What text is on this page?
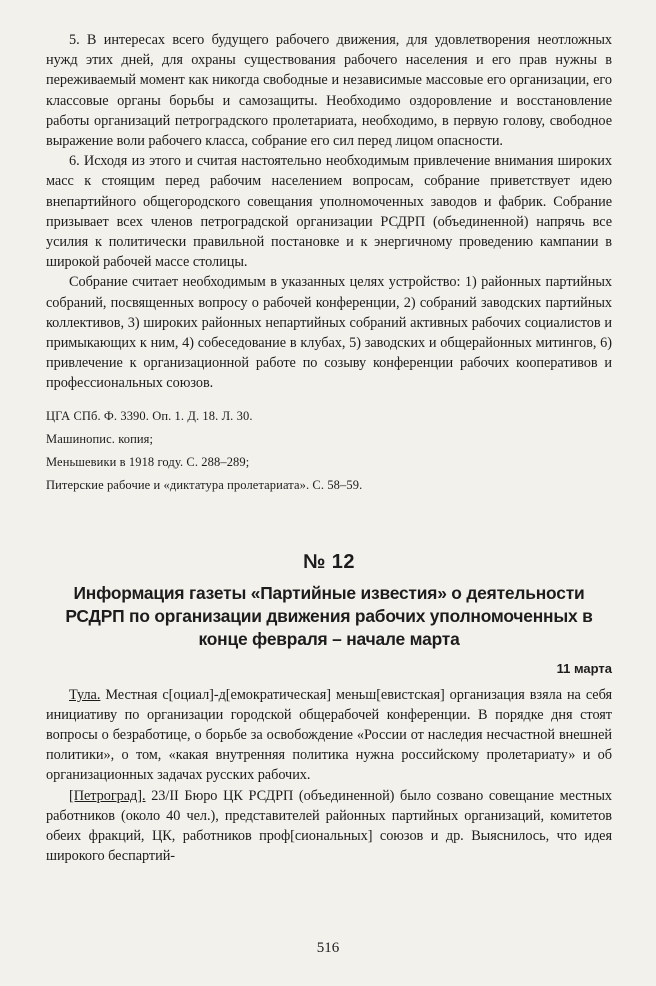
5. В интересах всего будущего рабочего движения, для удовлетворения неотложных нужд этих дней, для охраны существования рабочего населения и его прав нужны в переживаемый момент как никогда свободные и независимые массовые его организации, его классовые органы борьбы и самозащиты. Необходимо оздоровление и восстановление работы организаций петроградского пролетариата, необходимо, в первую голову, свободное выражение воли рабочего класса, собрание его сил перед лицом опасности.

6. Исходя из этого и считая настоятельно необходимым привлечение внимания широких масс к стоящим перед рабочим населением вопросам, собрание приветствует идею внепартийного общегородского совещания уполномоченных заводов и фабрик. Собрание призывает всех членов петроградской организации РСДРП (объединенной) напрячь все усилия к политически правильной постановке и к энергичному проведению кампании в широкой рабочей массе столицы.

Собрание считает необходимым в указанных целях устройство: 1) районных партийных собраний, посвященных вопросу о рабочей конференции, 2) собраний заводских партийных коллективов, 3) широких районных непартийных собраний активных рабочих социалистов и примыкающих к ним, 4) собеседование в клубах, 5) заводских и общерайонных митингов, 6) привлечение к организационной работе по созыву конференции рабочих кооперативов и профессиональных союзов.

ЦГА СПб. Ф. 3390. Оп. 1. Д. 18. Л. 30.

Машинопис. копия;

Меньшевики в 1918 году. С. 288–289;

Питерские рабочие и «диктатура пролетариата». С. 58–59.

№ 12
Информация газеты «Партийные известия» о деятельности РСДРП по организации движения рабочих уполномоченных в конце февраля – начале марта
11 марта

Тула. Местная с[оциал]-д[емократическая] меньш[евистская] организация взяла на себя инициативу по организации городской общерабочей конференции. В порядке дня стоят вопросы о безработице, о борьбе за освобождение «России от наследия несчастной внешней политики», о том, «какая внутренняя политика нужна российскому пролетариату» и об организационных задачах русских рабочих.

[Петроград]. 23/II Бюро ЦК РСДРП (объединенной) было созвано совещание местных работников (около 40 чел.), представителей районных партийных организаций, комитетов обеих фракций, ЦК, работников проф[сиональных] союзов и др. Выяснилось, что идея широкого беспартий-

516
